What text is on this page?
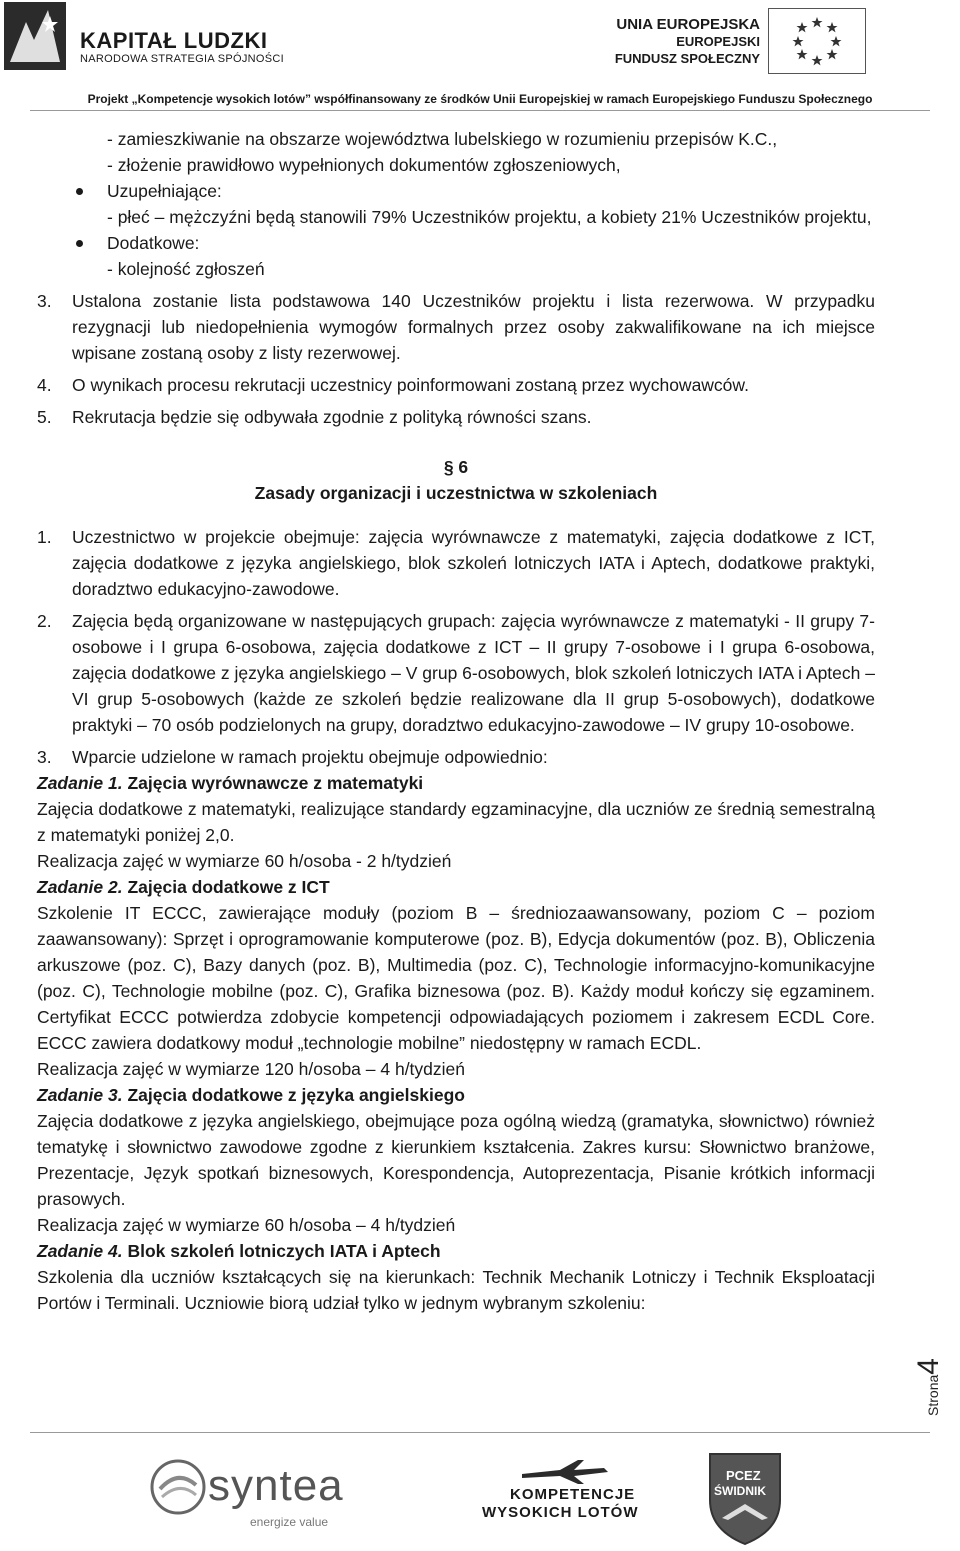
KAPITAŁ LUDZKI
NARODOWA STRATEGIA SPÓJNOŚCI
UNIA EUROPEJSKA
EUROPEJSKI
FUNDUSZ SPOŁECZNY
Projekt „Kompetencje wysokich lotów” współfinansowany ze środków Unii Europejskiej w ramach Europejskiego Funduszu Społecznego

- zamieszkiwanie na obszarze województwa lubelskiego w rozumieniu przepisów K.C.,

- złożenie prawidłowo wypełnionych dokumentów zgłoszeniowych,

Uzupełniające:

- płeć – mężczyźni będą stanowili 79% Uczestników projektu, a kobiety 21% Uczestników projektu,

Dodatkowe:

- kolejność zgłoszeń

3. Ustalona zostanie lista podstawowa 140 Uczestników projektu i lista rezerwowa. W przypadku rezygnacji lub niedopełnienia wymogów formalnych przez osoby zakwalifikowane na ich miejsce wpisane zostaną osoby z listy rezerwowej.

4. O wynikach procesu rekrutacji uczestnicy poinformowani zostaną przez wychowawców.

5. Rekrutacja będzie się odbywała zgodnie z polityką równości szans.

§ 6

Zasady organizacji i uczestnictwa w szkoleniach

1. Uczestnictwo w projekcie obejmuje: zajęcia wyrównawcze z matematyki, zajęcia dodatkowe z ICT, zajęcia dodatkowe z języka angielskiego, blok szkoleń lotniczych IATA i Aptech, dodatkowe praktyki, doradztwo edukacyjno-zawodowe.

2. Zajęcia będą organizowane w następujących grupach: zajęcia wyrównawcze z matematyki - II grupy 7-osobowe i I grupa 6-osobowa, zajęcia dodatkowe z ICT – II grupy 7-osobowe i I grupa 6-osobowa, zajęcia dodatkowe z języka angielskiego – V grup 6-osobowych, blok szkoleń lotniczych IATA i Aptech – VI grup 5-osobowych (każde ze szkoleń będzie realizowane dla II grup 5-osobowych), dodatkowe praktyki – 70 osób podzielonych na grupy, doradztwo edukacyjno-zawodowe – IV grupy 10-osobowe.

3. Wparcie udzielone w ramach projektu obejmuje odpowiednio:

Zadanie 1. Zajęcia wyrównawcze z matematyki

Zajęcia dodatkowe z matematyki, realizujące standardy egzaminacyjne, dla uczniów ze średnią semestralną z matematyki poniżej 2,0.

Realizacja zajęć w wymiarze 60 h/osoba - 2 h/tydzień

Zadanie 2. Zajęcia dodatkowe z ICT

Szkolenie IT ECCC, zawierające moduły (poziom B – średniozaawansowany, poziom C – poziom zaawansowany): Sprzęt i oprogramowanie komputerowe (poz. B), Edycja dokumentów (poz. B), Obliczenia arkuszowe (poz. C), Bazy danych (poz. B), Multimedia (poz. C), Technologie informacyjno-komunikacyjne (poz. C), Technologie mobilne (poz. C), Grafika biznesowa (poz. B). Każdy moduł kończy się egzaminem. Certyfikat ECCC potwierdza zdobycie kompetencji odpowiadających poziomem i zakresem ECDL Core. ECCC zawiera dodatkowy moduł „technologie mobilne” niedostępny w ramach ECDL.

Realizacja zajęć w wymiarze 120 h/osoba – 4 h/tydzień

Zadanie 3. Zajęcia dodatkowe z języka angielskiego

Zajęcia dodatkowe z języka angielskiego, obejmujące poza ogólną wiedzą (gramatyka, słownictwo) również tematykę i słownictwo zawodowe zgodne z kierunkiem kształcenia. Zakres kursu: Słownictwo branżowe, Prezentacje, Język spotkań biznesowych, Korespondencja, Autoprezentacja, Pisanie krótkich informacji prasowych.

Realizacja zajęć w wymiarze 60 h/osoba – 4 h/tydzień

Zadanie 4. Blok szkoleń lotniczych IATA i Aptech

Szkolenia dla uczniów kształcących się na kierunkach: Technik Mechanik Lotniczy i Technik Eksploatacji Portów i Terminali. Uczniowie biorą udział tylko w jednym wybranym szkoleniu:

Strona4
syntea
energize value
KOMPETENCJE
WYSOKICH LOTÓW
PCEZ
ŚWIDNIK
